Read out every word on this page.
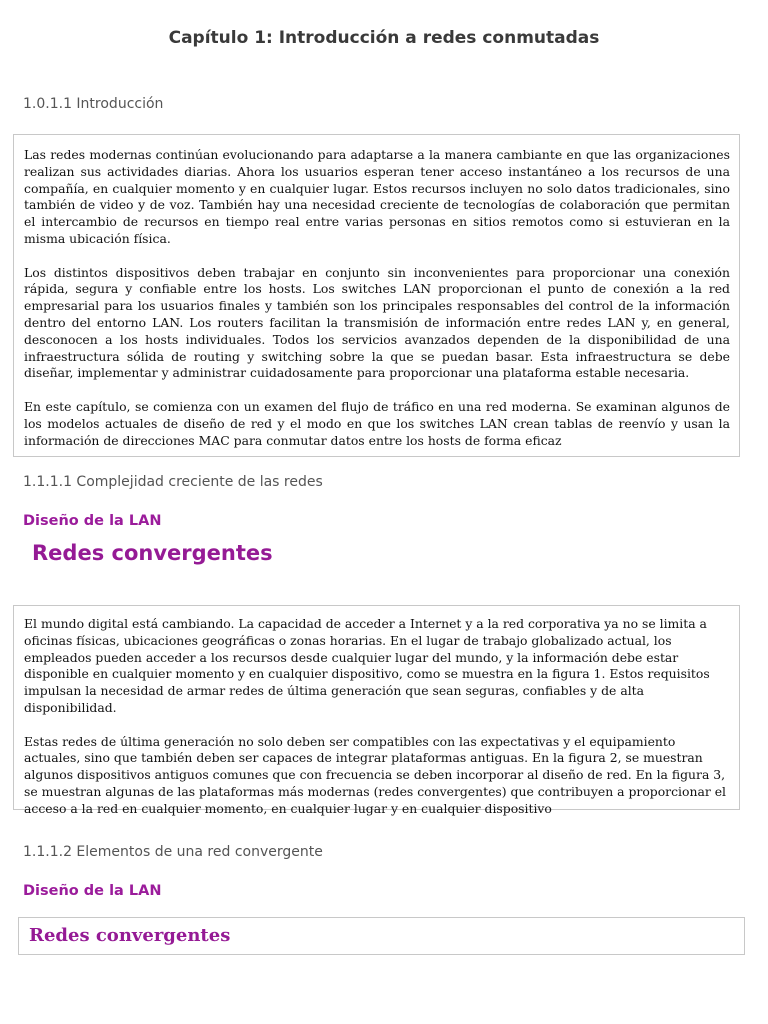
Capítulo 1: Introducción a redes conmutadas
1.0.1.1 Introducción

Las redes modernas continúan evolucionando para adaptarse a la manera cambiante en que las organizaciones realizan sus actividades diarias. Ahora los usuarios esperan tener acceso instantáneo a los recursos de una compañía, en cualquier momento y en cualquier lugar. Estos recursos incluyen no solo datos tradicionales, sino también de video y de voz. También hay una necesidad creciente de tecnologías de colaboración que permitan el intercambio de recursos en tiempo real entre varias personas en sitios remotos como si estuvieran en la misma ubicación física.

Los distintos dispositivos deben trabajar en conjunto sin inconvenientes para proporcionar una conexión rápida, segura y confiable entre los hosts. Los switches LAN proporcionan el punto de conexión a la red empresarial para los usuarios finales y también son los principales responsables del control de la información dentro del entorno LAN. Los routers facilitan la transmisión de información entre redes LAN y, en general, desconocen a los hosts individuales. Todos los servicios avanzados dependen de la disponibilidad de una infraestructura sólida de routing y switching sobre la que se puedan basar. Esta infraestructura se debe diseñar, implementar y administrar cuidadosamente para proporcionar una plataforma estable necesaria.

En este capítulo, se comienza con un examen del flujo de tráfico en una red moderna. Se examinan algunos de los modelos actuales de diseño de red y el modo en que los switches LAN crean tablas de reenvío y usan la información de direcciones MAC para conmutar datos entre los hosts de forma eficaz

1.1.1.1 Complejidad creciente de las redes
Diseño de la LAN
Redes convergentes

El mundo digital está cambiando. La capacidad de acceder a Internet y a la red corporativa ya no se limita a oficinas físicas, ubicaciones geográficas o zonas horarias. En el lugar de trabajo globalizado actual, los empleados pueden acceder a los recursos desde cualquier lugar del mundo, y la información debe estar disponible en cualquier momento y en cualquier dispositivo, como se muestra en la figura 1. Estos requisitos impulsan la necesidad de armar redes de última generación que sean seguras, confiables y de alta disponibilidad.

Estas redes de última generación no solo deben ser compatibles con las expectativas y el equipamiento actuales, sino que también deben ser capaces de integrar plataformas antiguas. En la figura 2, se muestran algunos dispositivos antiguos comunes que con frecuencia se deben incorporar al diseño de red. En la figura 3, se muestran algunas de las plataformas más modernas (redes convergentes) que contribuyen a proporcionar el acceso a la red en cualquier momento, en cualquier lugar y en cualquier dispositivo

1.1.1.2 Elementos de una red convergente
Diseño de la LAN
Redes convergentes
